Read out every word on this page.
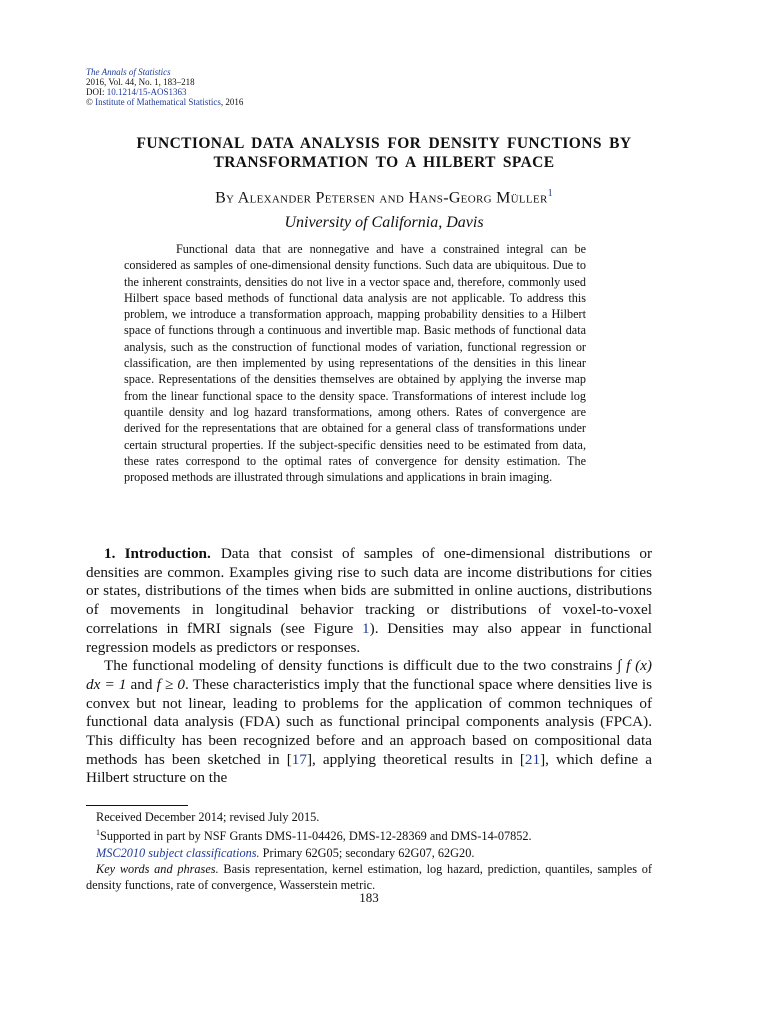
The Annals of Statistics
2016, Vol. 44, No. 1, 183–218
DOI: 10.1214/15-AOS1363
© Institute of Mathematical Statistics, 2016
FUNCTIONAL DATA ANALYSIS FOR DENSITY FUNCTIONS BY
TRANSFORMATION TO A HILBERT SPACE
By Alexander Petersen and Hans-Georg Müller$^1$
University of California, Davis

Functional data that are nonnegative and have a constrained integral can be considered as samples of one-dimensional density functions. Such data are ubiquitous. Due to the inherent constraints, densities do not live in a vector space and, therefore, commonly used Hilbert space based methods of functional data analysis are not applicable. To address this problem, we introduce a transformation approach, mapping probability densities to a Hilbert space of functions through a continuous and invertible map. Basic methods of functional data analysis, such as the construction of functional modes of variation, functional regression or classification, are then implemented by using representations of the densities in this linear space. Representations of the densities themselves are obtained by applying the inverse map from the linear functional space to the density space. Transformations of interest include log quantile density and log hazard transformations, among others. Rates of convergence are derived for the representations that are obtained for a general class of transformations under certain structural properties. If the subject-specific densities need to be estimated from data, these rates correspond to the optimal rates of convergence for density estimation. The proposed methods are illustrated through simulations and applications in brain imaging.

1. Introduction. Data that consist of samples of one-dimensional distributions or densities are common. Examples giving rise to such data are income distributions for cities or states, distributions of the times when bids are submitted in online auctions, distributions of movements in longitudinal behavior tracking or distributions of voxel-to-voxel correlations in fMRI signals (see Figure 1). Densities may also appear in functional regression models as predictors or responses.

The functional modeling of density functions is difficult due to the two constrains ∫ f (x) dx = 1 and f ≥ 0. These characteristics imply that the functional space where densities live is convex but not linear, leading to problems for the application of common techniques of functional data analysis (FDA) such as functional principal components analysis (FPCA). This difficulty has been recognized before and an approach based on compositional data methods has been sketched in [17], applying theoretical results in [21], which define a Hilbert structure on the

Received December 2014; revised July 2015.

$^1$Supported in part by NSF Grants DMS-11-04426, DMS-12-28369 and DMS-14-07852.

MSC2010 subject classifications. Primary 62G05; secondary 62G07, 62G20.

Key words and phrases. Basis representation, kernel estimation, log hazard, prediction, quantiles, samples of density functions, rate of convergence, Wasserstein metric.

183
